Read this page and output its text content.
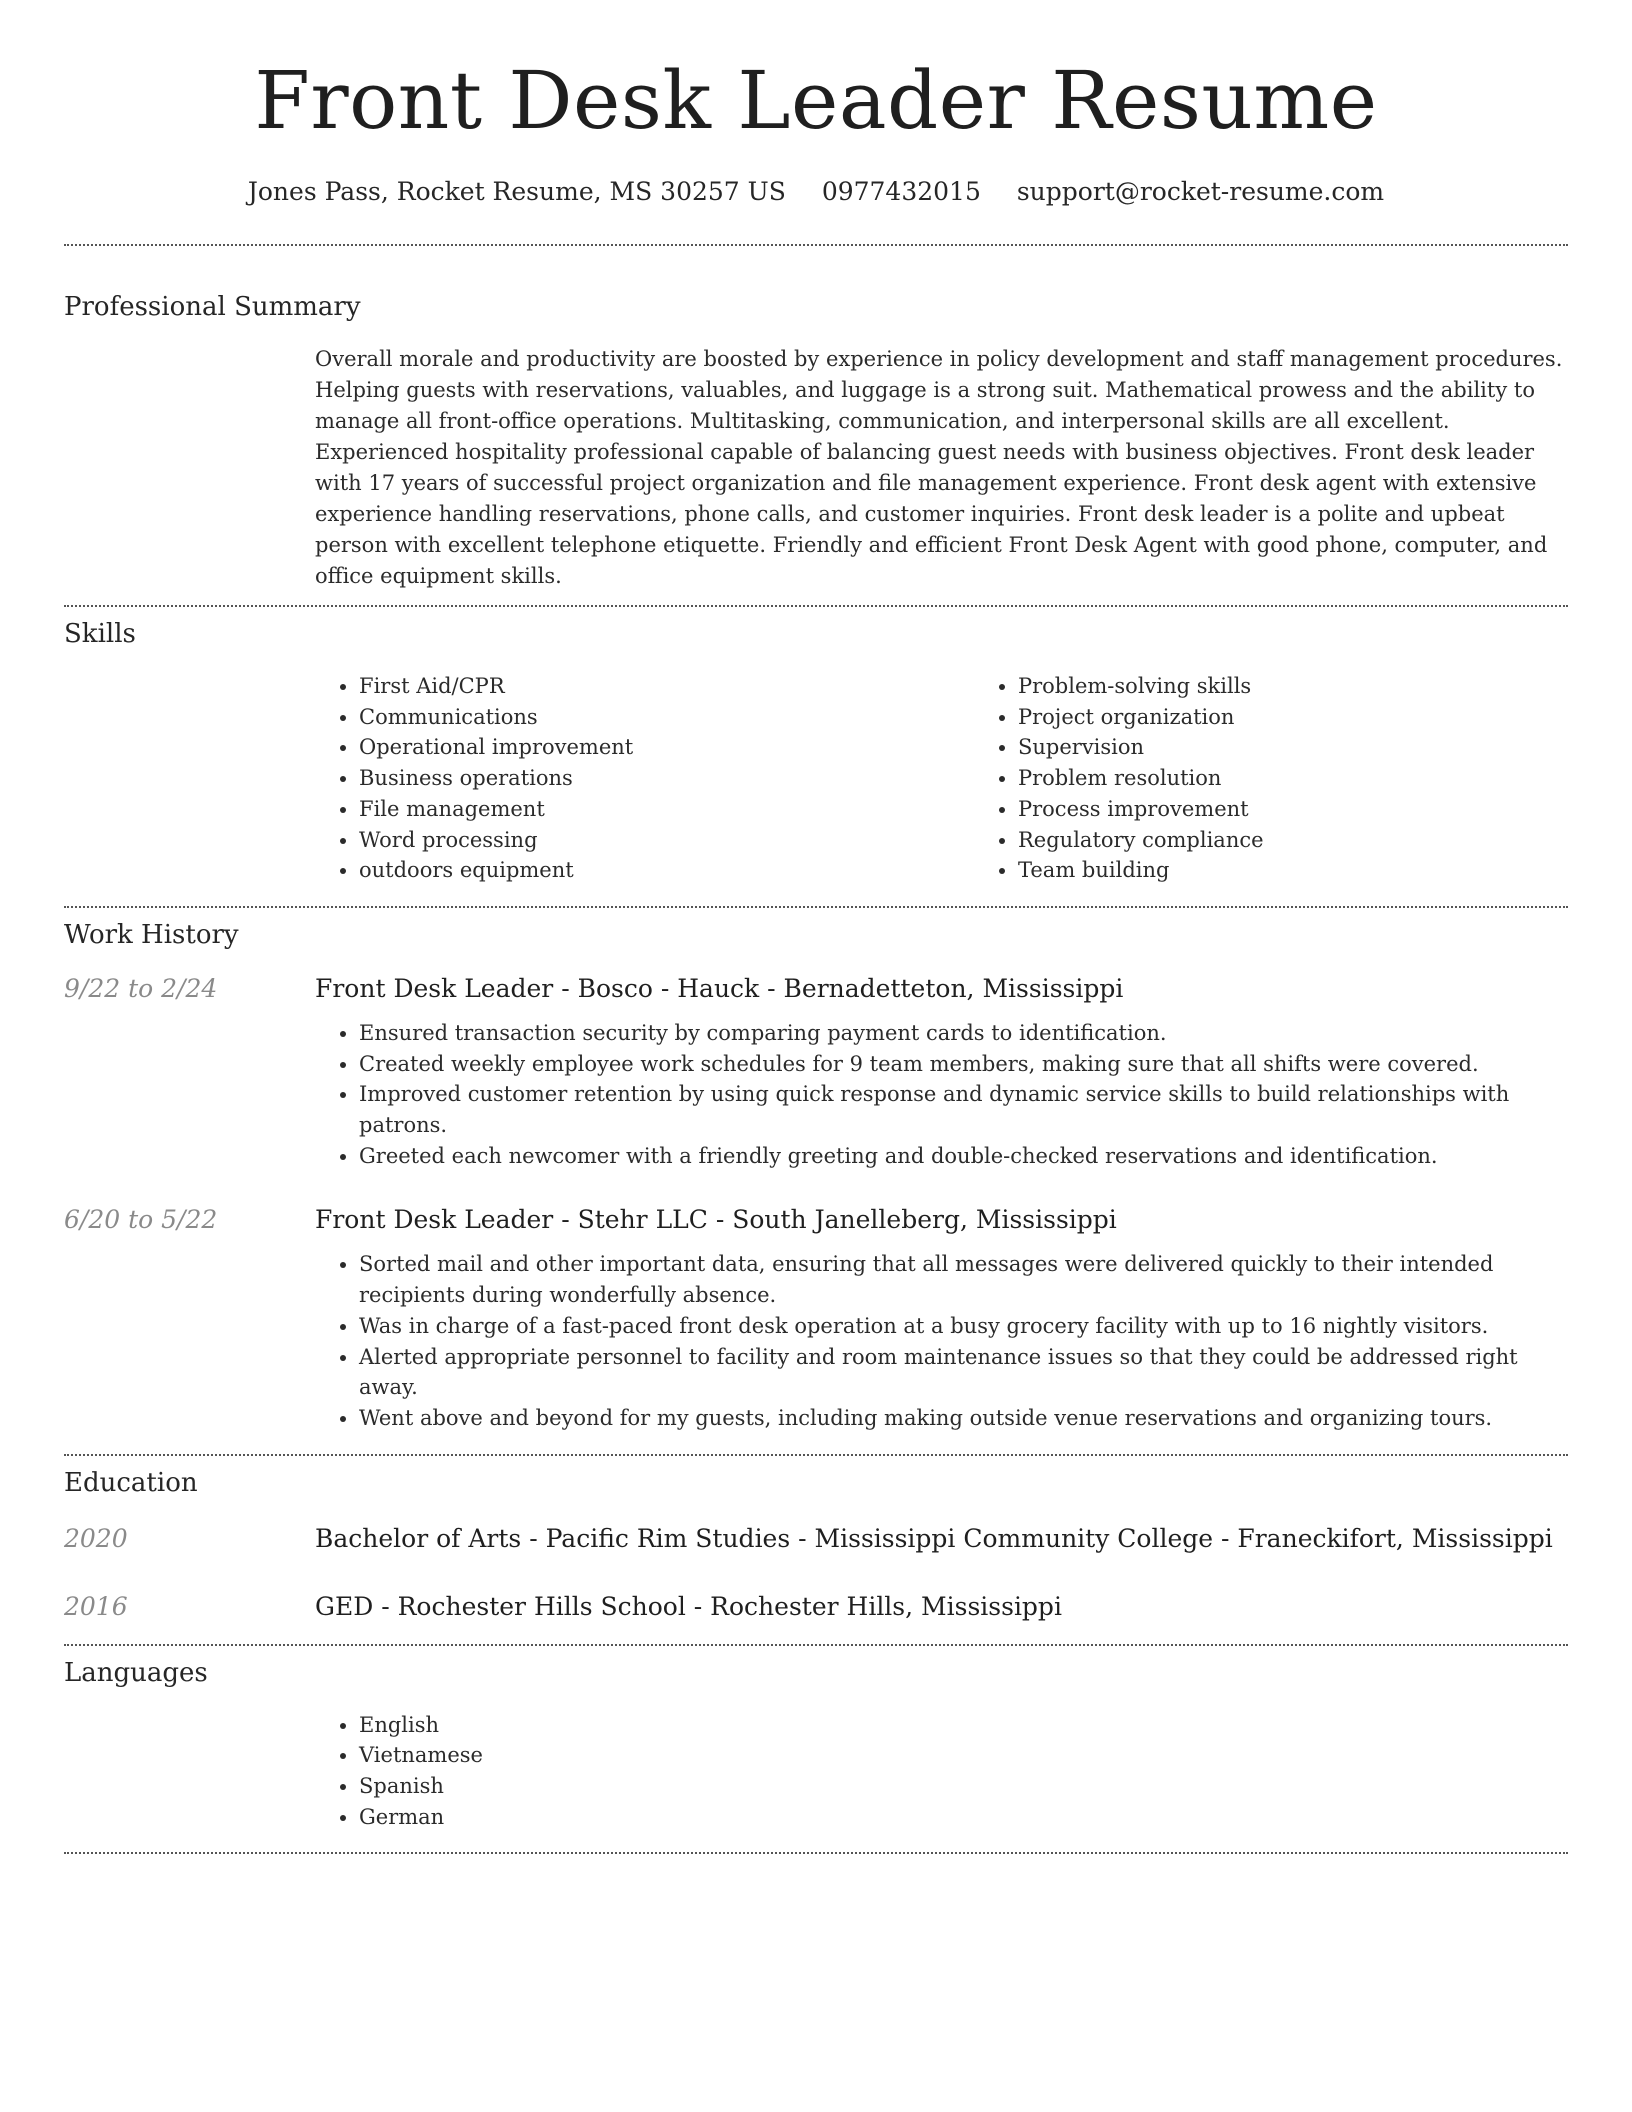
Front Desk Leader Resume
Jones Pass, Rocket Resume, MS 30257 US 0977432015 support@rocket-resume.com
Professional Summary

Overall morale and productivity are boosted by experience in policy development and staff management procedures. Helping guests with reservations, valuables, and luggage is a strong suit. Mathematical prowess and the ability to manage all front-office operations. Multitasking, communication, and interpersonal skills are all excellent. Experienced hospitality professional capable of balancing guest needs with business objectives. Front desk leader with 17 years of successful project organization and file management experience. Front desk agent with extensive experience handling reservations, phone calls, and customer inquiries. Front desk leader is a polite and upbeat person with excellent telephone etiquette. Friendly and efficient Front Desk Agent with good phone, computer, and office equipment skills.

Skills
• First Aid/CPR
• Communications
• Operational improvement
• Business operations
• File management
• Word processing
• outdoors equipment
• Problem-solving skills
• Project organization
• Supervision
• Problem resolution
• Process improvement
• Regulatory compliance
• Team building
Work History
9/22 to 2/24	Front Desk Leader - Bosco - Hauck - Bernadetteton, Mississippi
• Ensured transaction security by comparing payment cards to identification.
• Created weekly employee work schedules for 9 team members, making sure that all shifts were covered.
• Improved customer retention by using quick response and dynamic service skills to build relationships with patrons.
• Greeted each newcomer with a friendly greeting and double-checked reservations and identification.
6/20 to 5/22	Front Desk Leader - Stehr LLC - South Janelleberg, Mississippi
• Sorted mail and other important data, ensuring that all messages were delivered quickly to their intended recipients during wonderfully absence.
• Was in charge of a fast-paced front desk operation at a busy grocery facility with up to 16 nightly visitors.
• Alerted appropriate personnel to facility and room maintenance issues so that they could be addressed right away.
• Went above and beyond for my guests, including making outside venue reservations and organizing tours.
Education
2020	Bachelor of Arts - Pacific Rim Studies - Mississippi Community College - Franeckifort, Mississippi
2016	GED - Rochester Hills School - Rochester Hills, Mississippi
Languages
• English
• Vietnamese
• Spanish
• German
